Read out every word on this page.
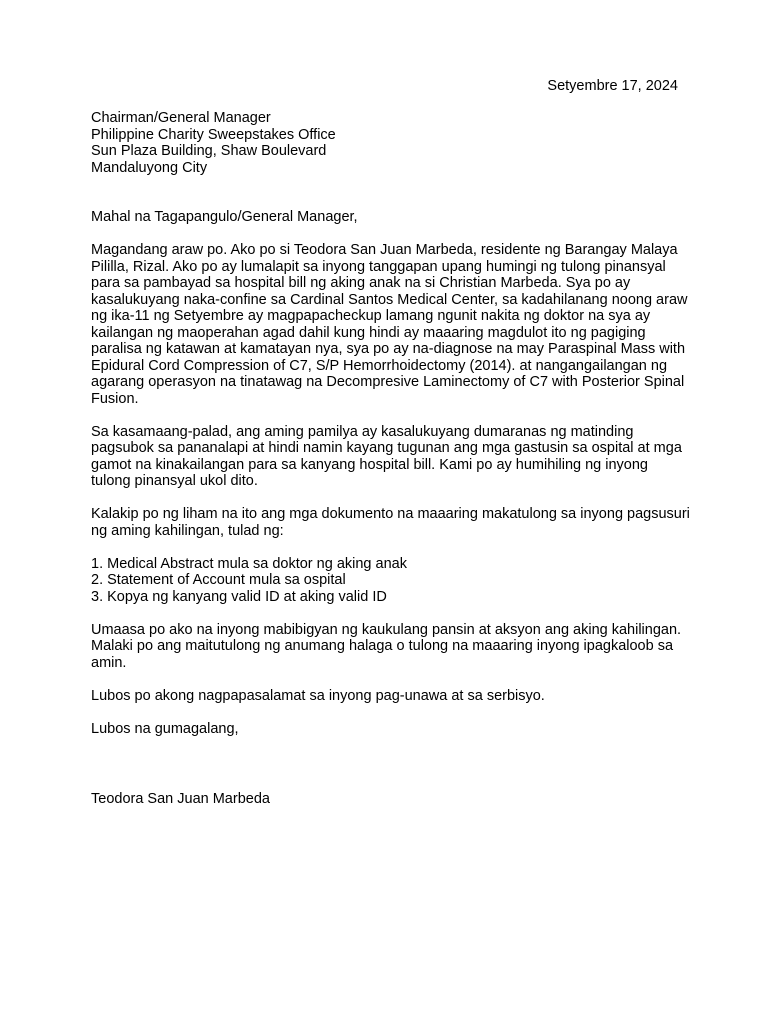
Setyembre 17, 2024
Chairman/General Manager
Philippine Charity Sweepstakes Office
Sun Plaza Building, Shaw Boulevard
Mandaluyong City

Mahal na Tagapangulo/General Manager,

Magandang araw po. Ako po si Teodora San Juan Marbeda, residente ng Barangay Malaya Pililla, Rizal. Ako po ay lumalapit sa inyong tanggapan upang humingi ng tulong pinansyal para sa pambayad sa hospital bill ng aking anak na si Christian Marbeda. Sya po ay kasalukuyang naka-confine sa Cardinal Santos Medical Center, sa kadahilanang noong araw ng ika-11 ng Setyembre ay magpapacheckup lamang ngunit nakita ng doktor na sya ay kailangan ng maoperahan agad dahil kung hindi ay maaaring magdulot ito ng pagiging paralisa ng katawan at kamatayan nya, sya po ay na-diagnose na may Paraspinal Mass with Epidural Cord Compression of C7, S/P Hemorrhoidectomy (2014). at nangangailangan ng agarang operasyon na tinatawag na Decompresive Laminectomy of C7 with Posterior Spinal Fusion.

Sa kasamaang-palad, ang aming pamilya ay kasalukuyang dumaranas ng matinding pagsubok sa pananalapi at hindi namin kayang tugunan ang mga gastusin sa ospital at mga gamot na kinakailangan para sa kanyang hospital bill. Kami po ay humihiling ng inyong tulong pinansyal ukol dito.

Kalakip po ng liham na ito ang mga dokumento na maaaring makatulong sa inyong pagsusuri ng aming kahilingan, tulad ng:

1. Medical Abstract mula sa doktor ng aking anak
2. Statement of Account mula sa ospital
3. Kopya ng kanyang valid ID at aking valid ID

Umaasa po ako na inyong mabibigyan ng kaukulang pansin at aksyon ang aking kahilingan. Malaki po ang maitutulong ng anumang halaga o tulong na maaaring inyong ipagkaloob sa amin.

Lubos po akong nagpapasalamat sa inyong pag-unawa at sa serbisyo.

Lubos na gumagalang,

Teodora San Juan Marbeda
